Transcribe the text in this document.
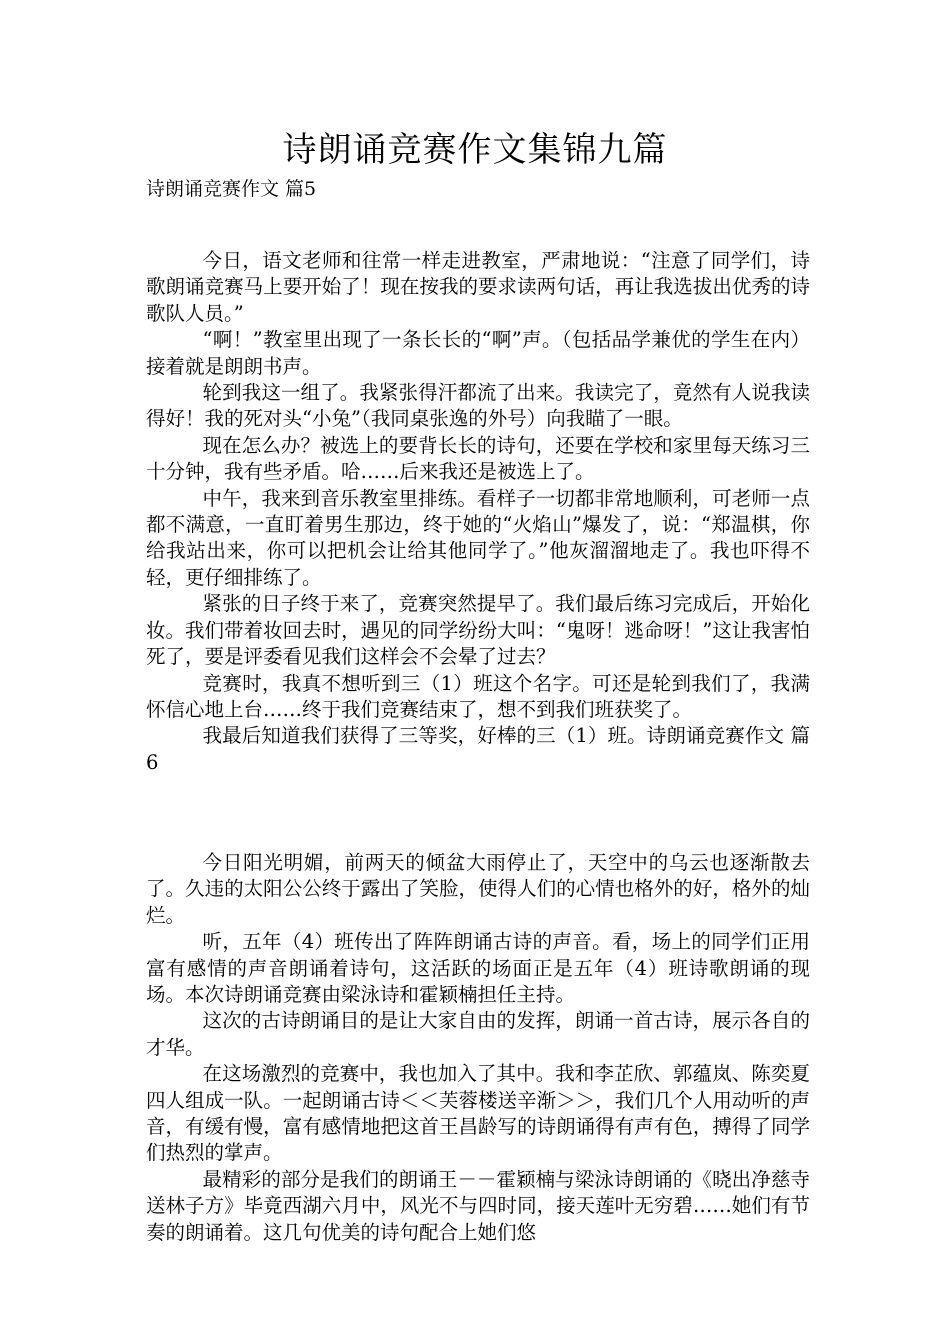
诗朗诵竞赛作文集锦九篇
诗朗诵竞赛作文 篇5

今日，语文老师和往常一样走进教室，严肃地说：“注意了同学们，诗歌朗诵竞赛马上要开始了！现在按我的要求读两句话，再让我选拔出优秀的诗歌队人员。”

“啊！”教室里出现了一条长长的“啊”声。（包括品学兼优的学生在内）接着就是朗朗书声。

轮到我这一组了。我紧张得汗都流了出来。我读完了，竟然有人说我读得好！我的死对头“小兔”（我同桌张逸的外号）向我瞄了一眼。

现在怎么办？被选上的要背长长的诗句，还要在学校和家里每天练习三十分钟，我有些矛盾。哈……后来我还是被选上了。

中午，我来到音乐教室里排练。看样子一切都非常地顺利，可老师一点都不满意，一直盯着男生那边，终于她的“火焰山”爆发了，说：“郑温棋，你给我站出来，你可以把机会让给其他同学了。”他灰溜溜地走了。我也吓得不轻，更仔细排练了。

紧张的日子终于来了，竞赛突然提早了。我们最后练习完成后，开始化妆。我们带着妆回去时，遇见的同学纷纷大叫：“鬼呀！逃命呀！”这让我害怕死了，要是评委看见我们这样会不会晕了过去？

竞赛时，我真不想听到三（1）班这个名字。可还是轮到我们了，我满怀信心地上台……终于我们竞赛结束了，想不到我们班获奖了。

我最后知道我们获得了三等奖，好棒的三（1）班。诗朗诵竞赛作文 篇6

今日阳光明媚，前两天的倾盆大雨停止了，天空中的乌云也逐渐散去了。久违的太阳公公终于露出了笑脸，使得人们的心情也格外的好，格外的灿烂。

听，五年（4）班传出了阵阵朗诵古诗的声音。看，场上的同学们正用富有感情的声音朗诵着诗句，这活跃的场面正是五年（4）班诗歌朗诵的现场。本次诗朗诵竞赛由梁泳诗和霍颖楠担任主持。

这次的古诗朗诵目的是让大家自由的发挥，朗诵一首古诗，展示各自的才华。

在这场激烈的竞赛中，我也加入了其中。我和李芷欣、郭蕴岚、陈奕夏四人组成一队。一起朗诵古诗＜＜芙蓉楼送辛渐＞＞，我们几个人用动听的声音，有缓有慢，富有感情地把这首王昌龄写的诗朗诵得有声有色，搏得了同学们热烈的掌声。

最精彩的部分是我们的朗诵王－－霍颖楠与梁泳诗朗诵的《晓出净慈寺送林子方》毕竟西湖六月中，风光不与四时同，接天莲叶无穷碧……她们有节奏的朗诵着。这几句优美的诗句配合上她们悠
